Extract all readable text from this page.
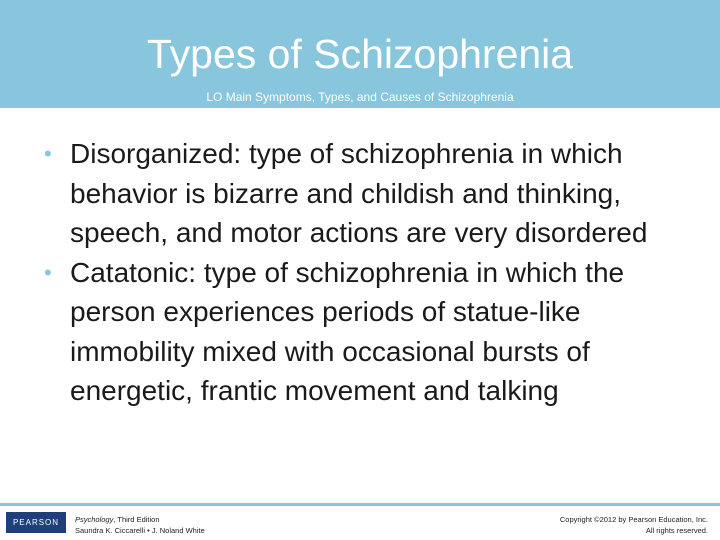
Types of Schizophrenia
LO Main Symptoms, Types, and Causes of Schizophrenia
• Disorganized: type of schizophrenia in which behavior is bizarre and childish and thinking, speech, and motor actions are very disordered
• Catatonic: type of schizophrenia in which the person experiences periods of statue-like immobility mixed with occasional bursts of energetic, frantic movement and talking
PEARSON	Psychology, Third Edition
Saundra K. Ciccarelli • J. Noland White
Copyright ©2012 by Pearson Education, Inc.
All rights reserved.
